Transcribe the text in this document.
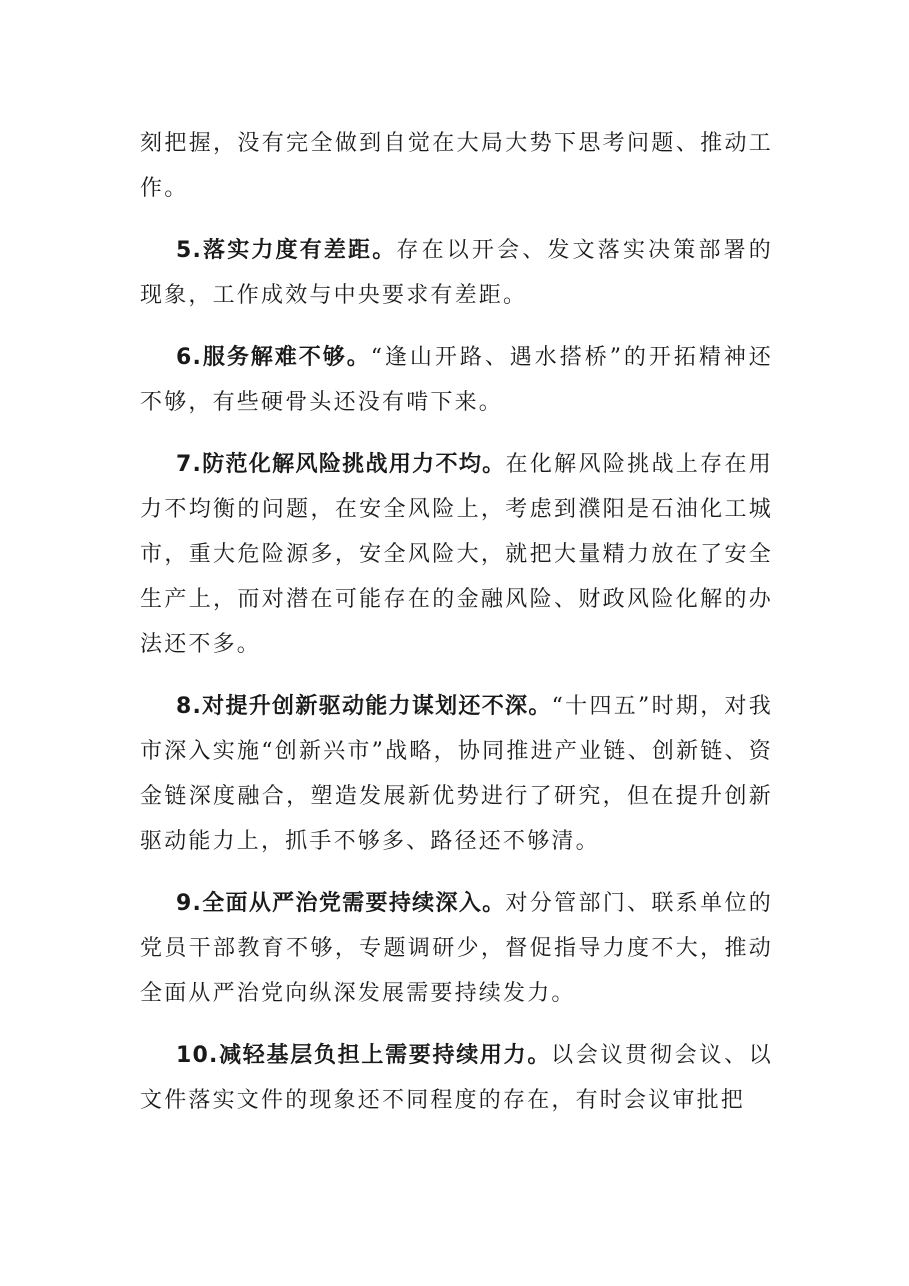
刻把握，没有完全做到自觉在大局大势下思考问题、推动工作。

5.落实力度有差距。存在以开会、发文落实决策部署的现象，工作成效与中央要求有差距。

6.服务解难不够。“逢山开路、遇水搭桥”的开拓精神还不够，有些硬骨头还没有啃下来。

7.防范化解风险挑战用力不均。在化解风险挑战上存在用力不均衡的问题，在安全风险上，考虑到濮阳是石油化工城市，重大危险源多，安全风险大，就把大量精力放在了安全生产上，而对潜在可能存在的金融风险、财政风险化解的办法还不多。

8.对提升创新驱动能力谋划还不深。“十四五”时期，对我市深入实施“创新兴市”战略，协同推进产业链、创新链、资金链深度融合，塑造发展新优势进行了研究，但在提升创新驱动能力上，抓手不够多、路径还不够清。

9.全面从严治党需要持续深入。对分管部门、联系单位的党员干部教育不够，专题调研少，督促指导力度不大，推动全面从严治党向纵深发展需要持续发力。

10.减轻基层负担上需要持续用力。以会议贯彻会议、以文件落实文件的现象还不同程度的存在，有时会议审批把
